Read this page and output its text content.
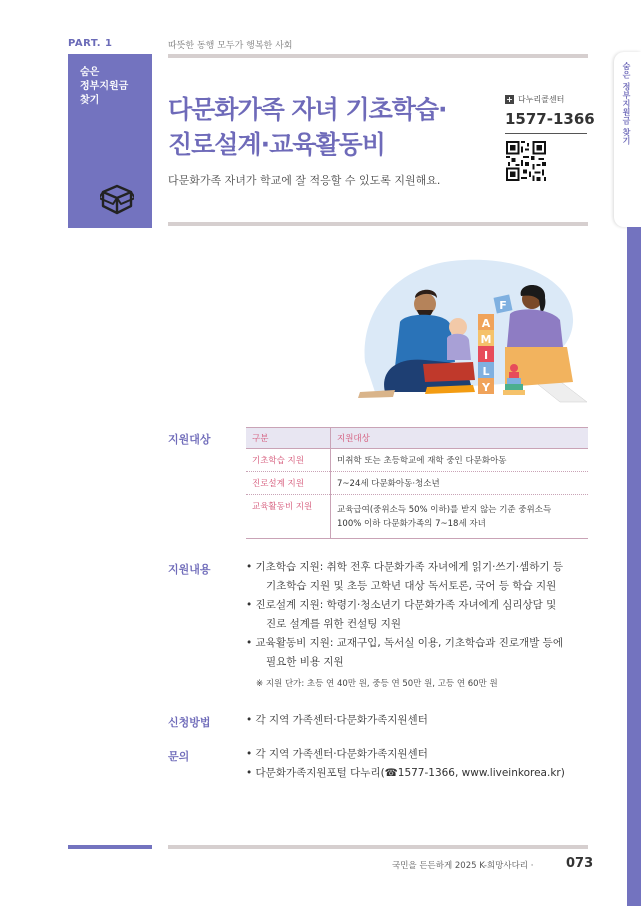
PART. 1	따뜻한 동행 모두가 행복한 사회
숨은
정부지원금
찾기	다문화가족 자녀 기초학습·
진로설계·교육활동비
다문화가족 자녀가 학교에 잘 적응할 수 있도록 지원해요.
+ 다누리콜센터
1577-1366	숨은 정부지원금 찾기
F
A
M
I
L
Y
지원대상	구분	지원대상
기초학습 지원	미취학 또는 초등학교에 재학 중인 다문화아동
진로설계 지원	7~24세 다문화아동·청소년
교육활동비 지원	교육급여(중위소득 50% 이하)를 받지 않는 기준 중위소득
100% 이하 다문화가족의 7~18세 자녀
지원내용	• 기초학습 지원: 취학 전후 다문화가족 자녀에게 읽기·쓰기·셈하기 등
기초학습 지원 및 초등 고학년 대상 독서토론, 국어 등 학습 지원
• 진로설계 지원: 학령기·청소년기 다문화가족 자녀에게 심리상담 및
진로 설계를 위한 컨설팅 지원
• 교육활동비 지원: 교재구입, 독서실 이용, 기초학습과 진로개발 등에
필요한 비용 지원
※ 지원 단가: 초등 연 40만 원, 중등 연 50만 원, 고등 연 60만 원
신청방법	• 각 지역 가족센터·다문화가족지원센터
문의	• 각 지역 가족센터·다문화가족지원센터
• 다문화가족지원포털 다누리(☎1577-1366, www.liveinkorea.kr)
국민을 든든하게 2025 K-희망사다리 ·	073
